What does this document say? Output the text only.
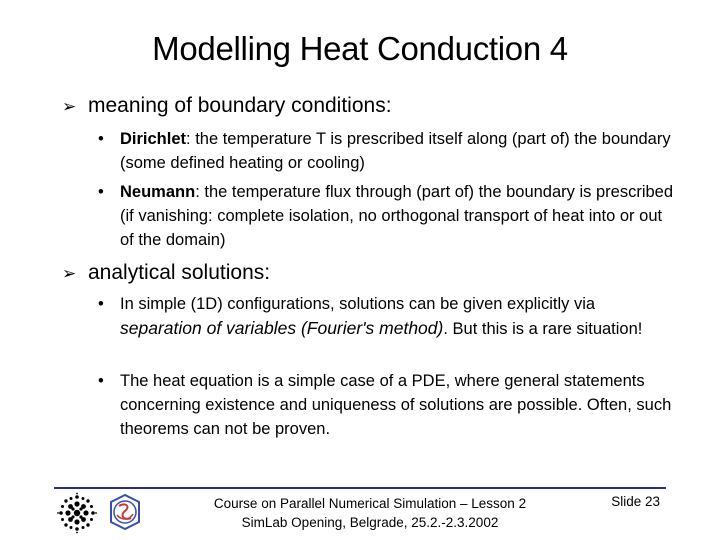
Modelling Heat Conduction 4
➢ meaning of boundary conditions:
• Dirichlet: the temperature T is prescribed itself along (part of) the boundary (some defined heating or cooling)
• Neumann: the temperature flux through (part of) the boundary is prescribed (if vanishing: complete isolation, no orthogonal transport of heat into or out of the domain)
➢ analytical solutions:
• In simple (1D) configurations, solutions can be given explicitly via separation of variables (Fourier's method). But this is a rare situation!
• The heat equation is a simple case of a PDE, where general statements concerning existence and uniqueness of solutions are possible. Often, such theorems can not be proven.
Course on Parallel Numerical Simulation – Lesson 2
SimLab Opening, Belgrade, 25.2.-2.3.2002
Slide 23
